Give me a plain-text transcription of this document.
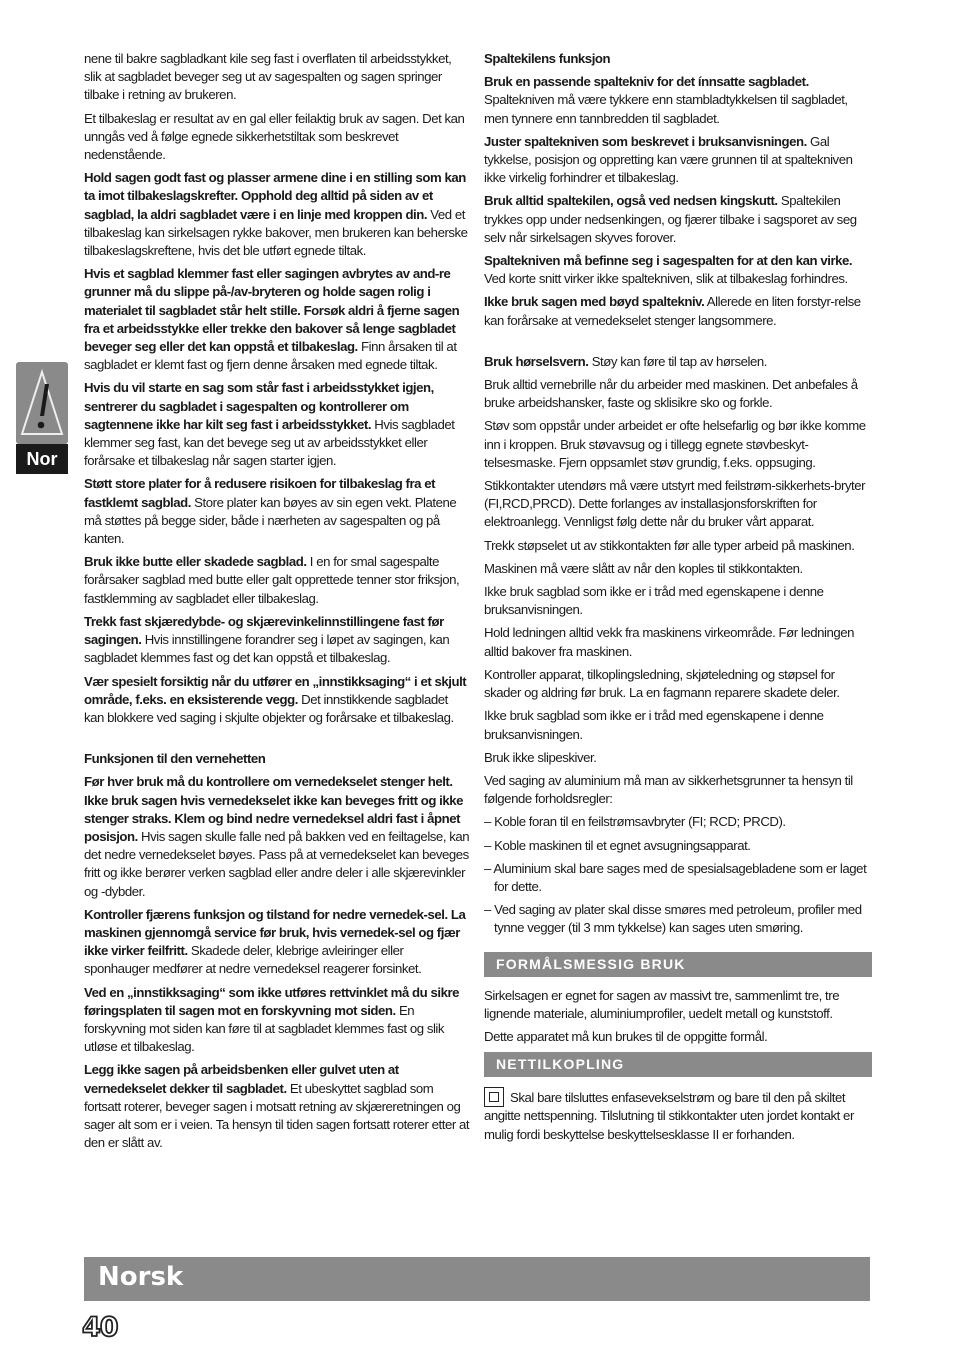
Nor

nene til bakre sagbladkant kile seg fast i overflaten til arbeidsstykket, slik at sagbladet beveger seg ut av sagespalten og sagen springer tilbake i retning av brukeren.

Et tilbakeslag er resultat av en gal eller feilaktig bruk av sagen. Det kan unngås ved å følge egnede sikkerhetstiltak som beskrevet nedenstående.

Hold sagen godt fast og plasser armene dine i en stilling som kan ta imot tilbakeslagskrefter. Opphold deg alltid på siden av et sagblad, la aldri sagbladet være i en linje med kroppen din. Ved et tilbakeslag kan sirkelsagen rykke bakover, men brukeren kan beherske tilbakeslagskreftene, hvis det ble utført egnede tiltak.

Hvis et sagblad klemmer fast eller sagingen avbrytes av and-re grunner må du slippe på-/av-bryteren og holde sagen rolig i materialet til sagbladet står helt stille. Forsøk aldri å fjerne sagen fra et arbeidsstykke eller trekke den bakover så lenge sagbladet beveger seg eller det kan oppstå et tilbakeslag. Finn årsaken til at sagbladet er klemt fast og fjern denne årsaken med egnede tiltak.

Hvis du vil starte en sag som står fast i arbeidsstykket igjen, sentrerer du sagbladet i sagespalten og kontrollerer om sagtennene ikke har kilt seg fast i arbeidsstykket. Hvis sagbladet klemmer seg fast, kan det bevege seg ut av arbeidsstykket eller forårsake et tilbakeslag når sagen starter igjen.

Støtt store plater for å redusere risikoen for tilbakeslag fra et fastklemt sagblad. Store plater kan bøyes av sin egen vekt. Platene må støttes på begge sider, både i nærheten av sagespalten og på kanten.

Bruk ikke butte eller skadede sagblad. I en for smal sagespalte forårsaker sagblad med butte eller galt opprettede tenner stor friksjon, fastklemming av sagbladet eller tilbakeslag.

Trekk fast skjæredybde- og skjærevinkelinnstillingene fast før sagingen. Hvis innstillingene forandrer seg i løpet av sagingen, kan sagbladet klemmes fast og det kan oppstå et tilbakeslag.

Vær spesielt forsiktig når du utfører en „innstikksaging“ i et skjult område, f.eks. en eksisterende vegg. Det innstikkende sagbladet kan blokkere ved saging i skjulte objekter og forårsake et tilbakeslag.

Funksjonen til den vernehetten

Før hver bruk må du kontrollere om vernedekselet stenger helt. Ikke bruk sagen hvis vernedekselet ikke kan beveges fritt og ikke stenger straks. Klem og bind nedre vernedeksel aldri fast i åpnet posisjon. Hvis sagen skulle falle ned på bakken ved en feiltagelse, kan det nedre vernedekselet bøyes. Pass på at vernedekselet kan beveges fritt og ikke berører verken sagblad eller andre deler i alle skjærevinkler og -dybder.

Kontroller fjærens funksjon og tilstand for nedre vernedek-sel. La maskinen gjennomgå service før bruk, hvis vernedek-sel og fjær ikke virker feilfritt. Skadede deler, klebrige avleiringer eller sponhauger medfører at nedre vernedeksel reagerer forsinket.

Ved en „innstikksaging“ som ikke utføres rettvinklet må du sikre føringsplaten til sagen mot en forskyvning mot siden. En forskyvning mot siden kan føre til at sagbladet klemmes fast og slik utløse et tilbakeslag.

Legg ikke sagen på arbeidsbenken eller gulvet uten at vernedekselet dekker til sagbladet. Et ubeskyttet sagblad som fortsatt roterer, beveger sagen i motsatt retning av skjæreretningen og sager alt som er i veien. Ta hensyn til tiden sagen fortsatt roterer etter at den er slått av.

Spaltekilens funksjon

Bruk en passende spaltekniv for det ínnsatte sagbladet. Spaltekniven må være tykkere enn stambladtykkelsen til sagbladet, men tynnere enn tannbredden til sagbladet.

Juster spaltekniven som beskrevet i bruksanvisningen. Gal tykkelse, posisjon og oppretting kan være grunnen til at spaltekniven ikke virkelig forhindrer et tilbakeslag.

Bruk alltid spaltekilen, også ved nedsen kingskutt. Spaltekilen trykkes opp under nedsenkingen, og fjærer tilbake i sagsporet av seg selv når sirkelsagen skyves forover.

Spaltekniven må befinne seg i sagespalten for at den kan virke. Ved korte snitt virker ikke spaltekniven, slik at tilbakeslag forhindres.

Ikke bruk sagen med bøyd spaltekniv. Allerede en liten forstyr-relse kan forårsake at vernedekselet stenger langsommere.

Bruk hørselsvern. Støy kan føre til tap av hørselen.

Bruk alltid vernebrille når du arbeider med maskinen. Det anbefales å bruke arbeidshansker, faste og sklisikre sko og forkle.

Støv som oppstår under arbeidet er ofte helsefarlig og bør ikke komme inn i kroppen. Bruk støvavsug og i tillegg egnete støvbeskyt-telsesmaske. Fjern oppsamlet støv grundig, f.eks. oppsuging.

Stikkontakter utendørs må være utstyrt med feilstrøm-sikkerhets-bryter (FI,RCD,PRCD). Dette forlanges av installasjonsforskriften for elektroanlegg. Vennligst følg dette når du bruker vårt apparat.

Trekk støpselet ut av stikkontakten før alle typer arbeid på maskinen.

Maskinen må være slått av når den koples til stikkontakten.

Ikke bruk sagblad som ikke er i tråd med egenskapene i denne bruksanvisningen.

Hold ledningen alltid vekk fra maskinens virkeområde. Før ledningen alltid bakover fra maskinen.

Kontroller apparat, tilkoplingsledning, skjøteledning og støpsel for skader og aldring før bruk. La en fagmann reparere skadete deler.

Ikke bruk sagblad som ikke er i tråd med egenskapene i denne bruksanvisningen.

Bruk ikke slipeskiver.

Ved saging av aluminium må man av sikkerhetsgrunner ta hensyn til følgende forholdsregler:

– Koble foran til en feilstrømsavbryter (FI; RCD; PRCD).

– Koble maskinen til et egnet avsugningsapparat.

– Aluminium skal bare sages med de spesialsagebladene som er laget for dette.

– Ved saging av plater skal disse smøres med petroleum, profiler med tynne vegger (til 3 mm tykkelse) kan sages uten smøring.

FORMÅLSMESSIG BRUK

Sirkelsagen er egnet for sagen av massivt tre, sammenlimt tre, tre lignende materiale, aluminiumprofiler, uedelt metall og kunststoff.

Dette apparatet må kun brukes til de oppgitte formål.

NETTILKOPLING

Skal bare tilsluttes enfasevekselstrøm og bare til den på skiltet angitte nettspenning. Tilslutning til stikkontakter uten jordet kontakt er mulig fordi beskyttelse beskyttelsesklasse II er forhanden.

Norsk
40
